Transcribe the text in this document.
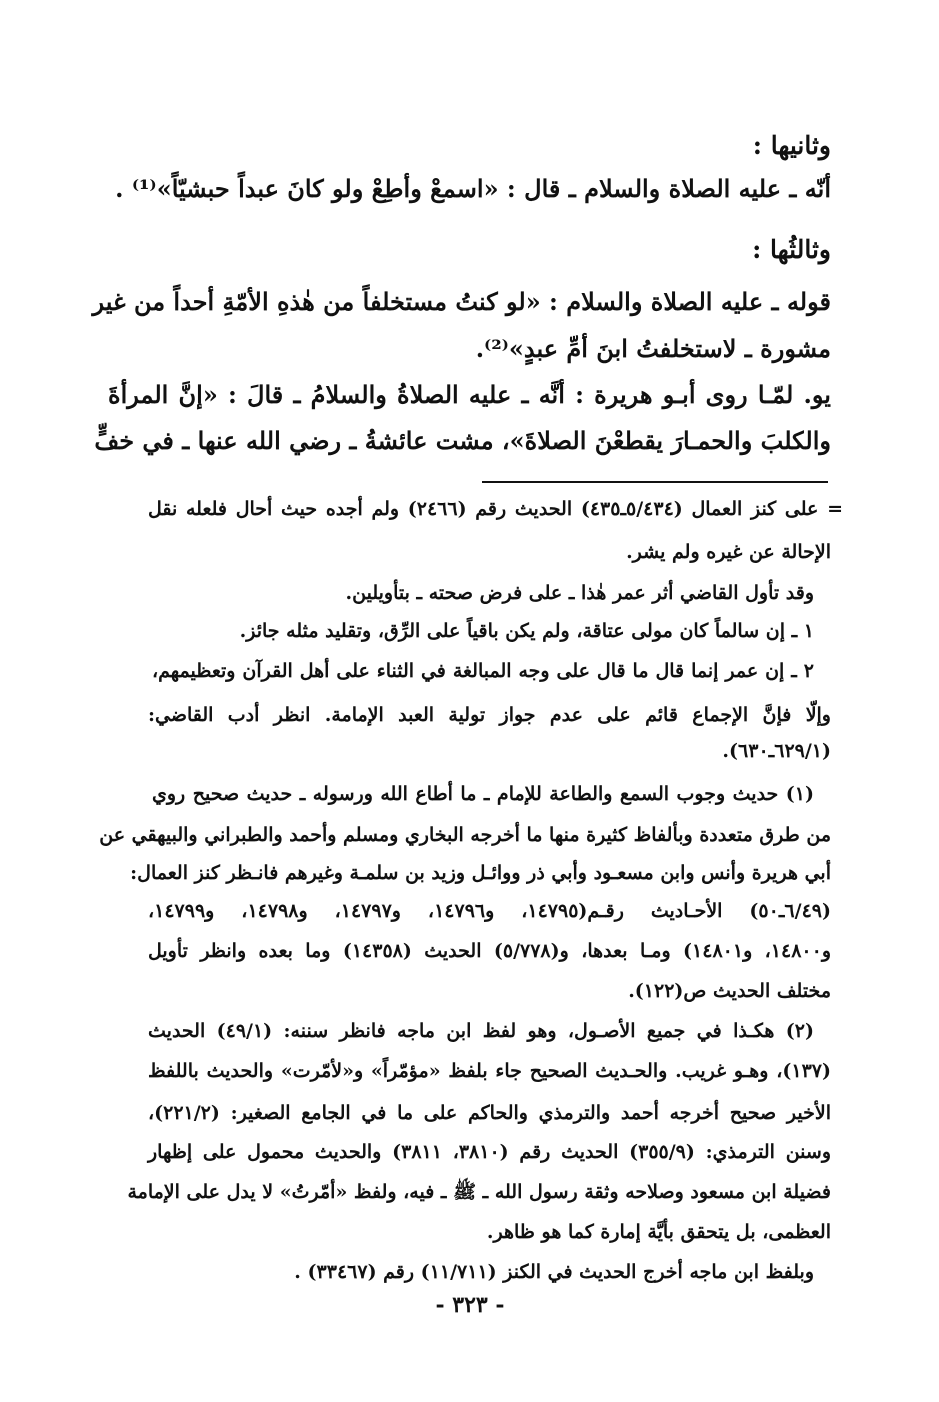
وثانيها :
أنّه ـ عليه الصلاة والسلام ـ قال : «اسمعْ وأطِعْ ولو كانَ عبداً حبشيّاً»⁽¹⁾ .
وثالثُها :
قوله ـ عليه الصلاة والسلام : «لو كنتُ مستخلفاً من هٰذهِ الأمّةِ أحداً من غير
مشورة ـ لاستخلفتُ ابنَ أمِّ عبدٍ»⁽²⁾.
يو. لمّـا روى أبـو هريرة : أنَّه ـ عليه الصلاةُ والسلامُ ـ قالَ : «إنَّ المرأةَ
والكلبَ والحمـارَ يقطعْنَ الصلاةَ»، مشت عائشةُ ـ رضي الله عنها ـ في خفٍّ
= على كنز العمال (٥/٤٣٤ـ٤٣٥) الحديث رقم (٢٤٦٦) ولم أجده حيث أحال فلعله نقل
الإحالة عن غيره ولم يشر.
وقد تأول القاضي أثر عمر هٰذا ـ على فرض صحته ـ بتأويلين.
١ ـ إن سالماً كان مولى عتاقة، ولم يكن باقياً على الرِّق، وتقليد مثله جائز.
٢ ـ إن عمر إنما قال ما قال على وجه المبالغة في الثناء على أهل القرآن وتعظيمهم،
وإلّا فإنَّ الإجماع قائم على عدم جواز تولية العبد الإمامة. انظر أدب القاضي:
(٦٢٩/١ـ٦٣٠).
(١) حديث وجوب السمع والطاعة للإمام ـ ما أطاع الله ورسوله ـ حديث صحيح روي
من طرق متعددة وبألفاظ كثيرة منها ما أخرجه البخاري ومسلم وأحمد والطبراني والبيهقي عن
أبي هريرة وأنس وابن مسعـود وأبي ذر ووائـل وزيد بن سلمـة وغيرهم فانـظر كنز العمال:
(٦/٤٩ـ٥٠) الأحـاديث رقـم(١٤٧٩٥، و١٤٧٩٦، و١٤٧٩٧، و١٤٧٩٨، و١٤٧٩٩،
و١٤٨٠٠، و١٤٨٠١) ومـا بعدها، و(٥/٧٧٨) الحديث (١٤٣٥٨) وما بعده وانظر تأويل
مختلف الحديث ص(١٢٢).
(٢) هكـذا في جميع الأصـول، وهو لفظ ابن ماجه فانظر سننه: (٤٩/١) الحديث
(١٣٧)، وهـو غريب. والحـديث الصحيح جاء بلفظ «مؤمّراً» و«لأمّرت» والحديث باللفظ
الأخير صحيح أخرجه أحمد والترمذي والحاكم على ما في الجامع الصغير: (٢٢١/٢)،
وسنن الترمذي: (٣٥٥/٩) الحديث رقم (٣٨١٠، ٣٨١١) والحديث محمول على إظهار
فضيلة ابن مسعود وصلاحه وثقة رسول الله ـ ﷺ ـ فيه، ولفظ «أمّرتُ» لا يدل على الإمامة
العظمى، بل يتحقق بأيَّة إمارة كما هو ظاهر.
وبلفظ ابن ماجه أخرج الحديث في الكنز (١١/٧١١) رقم (٣٣٤٦٧) .
- ٣٢٣ -
